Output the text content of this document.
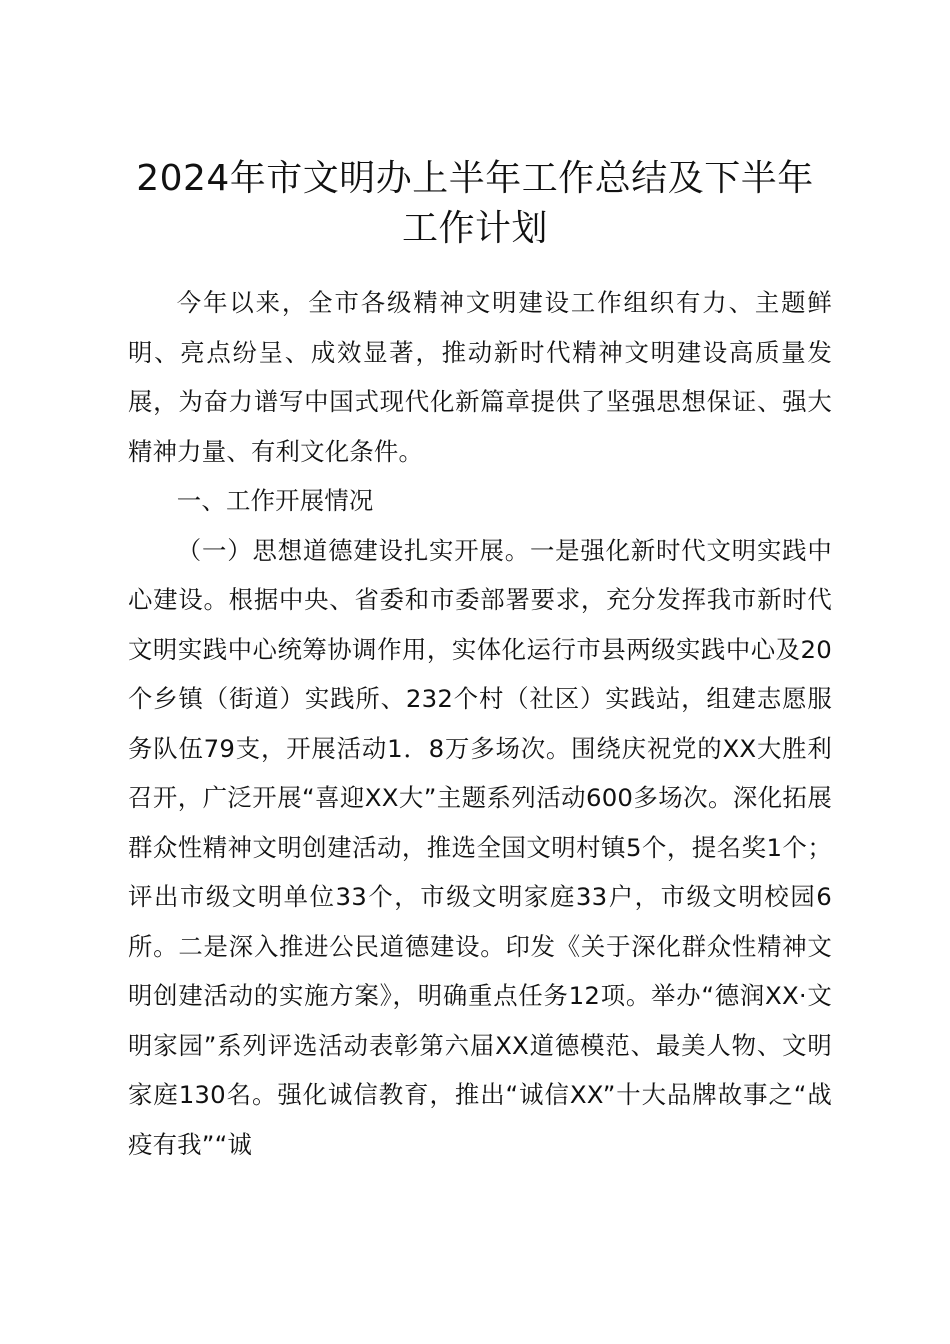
2024年市文明办上半年工作总结及下半年工作计划

今年以来，全市各级精神文明建设工作组织有力、主题鲜明、亮点纷呈、成效显著，推动新时代精神文明建设高质量发展，为奋力谱写中国式现代化新篇章提供了坚强思想保证、强大精神力量、有利文化条件。

一、工作开展情况

（一）思想道德建设扎实开展。一是强化新时代文明实践中心建设。根据中央、省委和市委部署要求，充分发挥我市新时代文明实践中心统筹协调作用，实体化运行市县两级实践中心及20个乡镇（街道）实践所、232个村（社区）实践站，组建志愿服务队伍79支，开展活动1．8万多场次。围绕庆祝党的XX大胜利召开，广泛开展“喜迎XX大”主题系列活动600多场次。深化拓展群众性精神文明创建活动，推选全国文明村镇5个，提名奖1个；评出市级文明单位33个，市级文明家庭33户，市级文明校园6所。二是深入推进公民道德建设。印发《关于深化群众性精神文明创建活动的实施方案》，明确重点任务12项。举办“德润XX·文明家园”系列评选活动表彰第六届XX道德模范、最美人物、文明家庭130名。强化诚信教育，推出“诚信XX”十大品牌故事之“战疫有我”“诚
